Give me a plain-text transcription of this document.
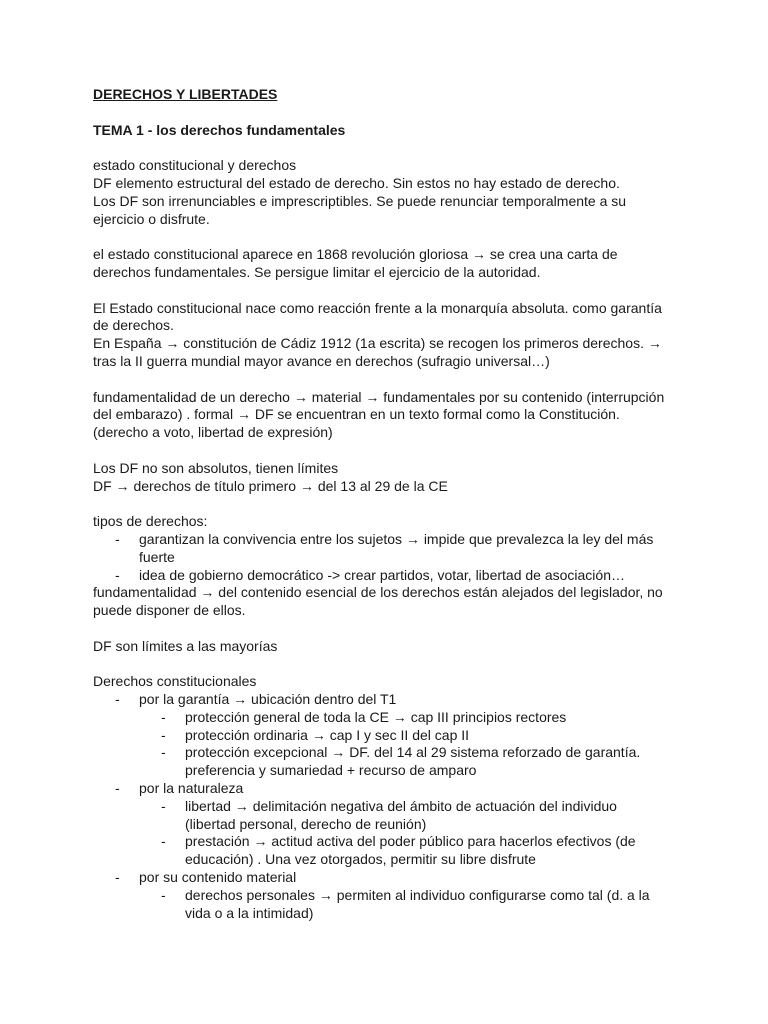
DERECHOS Y LIBERTADES

TEMA 1 - los derechos fundamentales

estado constitucional y derechos

DF elemento estructural del estado de derecho. Sin estos no hay estado de derecho.

Los DF son irrenunciables e imprescriptibles. Se puede renunciar temporalmente a su

ejercicio o disfrute.

el estado constitucional aparece en 1868 revolución gloriosa → se crea una carta de

derechos fundamentales. Se persigue limitar el ejercicio de la autoridad.

El Estado constitucional nace como reacción frente a la monarquía absoluta. como garantía

de derechos.

En España → constitución de Cádiz 1912 (1a escrita) se recogen los primeros derechos. →

tras la II guerra mundial mayor avance en derechos (sufragio universal…)

fundamentalidad de un derecho → material → fundamentales por su contenido (interrupción

del embarazo) . formal → DF se encuentran en un texto formal como la Constitución.

(derecho a voto, libertad de expresión)

Los DF no son absolutos, tienen límites

DF → derechos de título primero → del 13 al 29 de la CE

tipos de derechos:

- garantizan la convivencia entre los sujetos → impide que prevalezca la ley del más

fuerte

- idea de gobierno democrático -> crear partidos, votar, libertad de asociación…

fundamentalidad → del contenido esencial de los derechos están alejados del legislador, no

puede disponer de ellos.

DF son límites a las mayorías

Derechos constitucionales

- por la garantía → ubicación dentro del T1

- protección general de toda la CE → cap III principios rectores

- protección ordinaria → cap I y sec II del cap II

- protección excepcional → DF. del 14 al 29 sistema reforzado de garantía.

preferencia y sumariedad + recurso de amparo

- por la naturaleza

- libertad → delimitación negativa del ámbito de actuación del individuo

(libertad personal, derecho de reunión)

- prestación → actitud activa del poder público para hacerlos efectivos (de

educación) . Una vez otorgados, permitir su libre disfrute

- por su contenido material

- derechos personales → permiten al individuo configurarse como tal (d. a la

vida o a la intimidad)
